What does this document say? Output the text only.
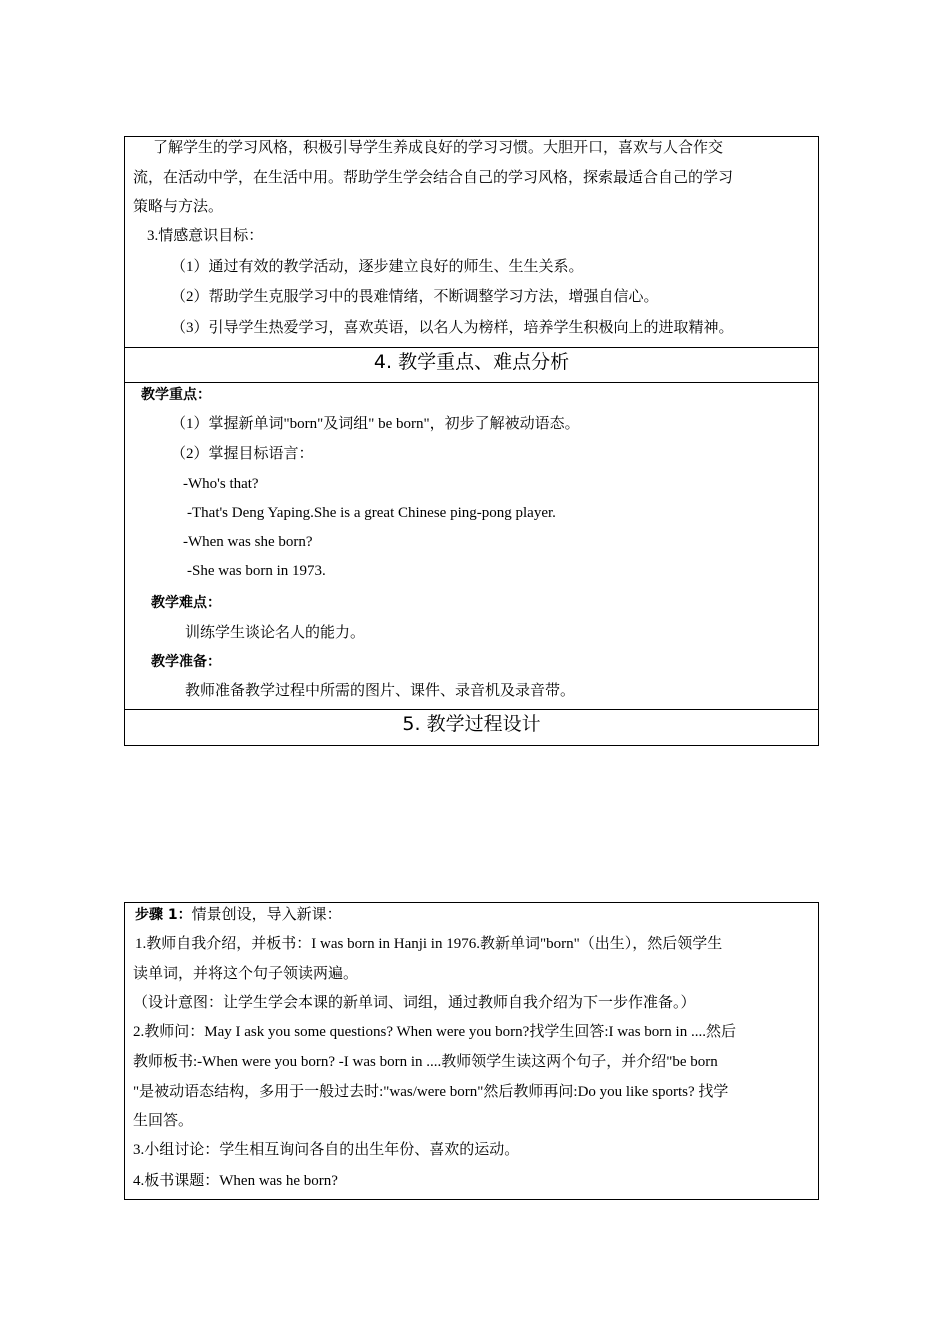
了解学生的学习风格，积极引导学生养成良好的学习习惯。大胆开口，喜欢与人合作交
流，在活动中学，在生活中用。帮助学生学会结合自己的学习风格，探索最适合自己的学习
策略与方法。
3.情感意识目标：
（1）通过有效的教学活动，逐步建立良好的师生、生生关系。
（2）帮助学生克服学习中的畏难情绪，不断调整学习方法，增强自信心。
（3）引导学生热爱学习，喜欢英语，以名人为榜样，培养学生积极向上的进取精神。
4. 教学重点、难点分析
教学重点：
（1）掌握新单词"born"及词组" be born"，初步了解被动语态。
（2）掌握目标语言：
-Who's that?
-That's Deng Yaping.She is a great Chinese ping-pong player.
-When was she born?
-She was born in 1973.
教学难点：
训练学生谈论名人的能力。
教学准备：
教师准备教学过程中所需的图片、课件、录音机及录音带。
5. 教学过程设计
步骤 1：情景创设，导入新课：
1.教师自我介绍，并板书：I was born in Hanji in 1976.教新单词"born"（出生），然后领学生
读单词，并将这个句子领读两遍。
（设计意图：让学生学会本课的新单词、词组，通过教师自我介绍为下一步作准备。）
2.教师问：May I ask you some questions? When were you born?找学生回答:I was born in ....然后
教师板书:-When were you born? -I was born in ....教师领学生读这两个句子，并介绍"be born
"是被动语态结构，多用于一般过去时:"was/were born"然后教师再问:Do you like sports? 找学
生回答。
3.小组讨论：学生相互询问各自的出生年份、喜欢的运动。
4.板书课题：When was he born?
